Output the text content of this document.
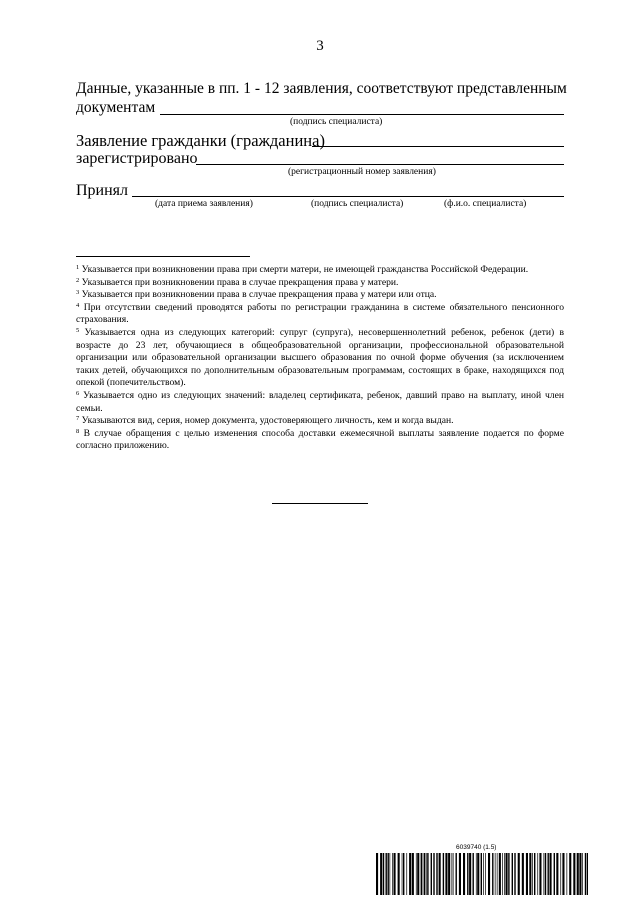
3
Данные, указанные в пп. 1 - 12 заявления, соответствуют представленным
документам
(подпись специалиста)
Заявление гражданки (гражданина)
зарегистрировано
(регистрационный номер заявления)
Принял
(дата приема заявления)	(подпись специалиста)	(ф.и.о. специалиста)

$^1$ Указывается при возникновении права при смерти матери, не имеющей гражданства Российской Федерации.

$^2$ Указывается при возникновении права в случае прекращения права у матери.

$^3$ Указывается при возникновении права в случае прекращения права у матери или отца.

$^4$ При отсутствии сведений проводятся работы по регистрации гражданина в системе обязательного пенсионного страхования.

$^5$ Указывается одна из следующих категорий: супруг (супруга), несовершеннолетний ребенок, ребенок (дети) в возрасте до 23 лет, обучающиеся в общеобразовательной организации, профессиональной образовательной организации или образовательной организации высшего образования по очной форме обучения (за исключением таких детей, обучающихся по дополнительным образовательным программам, состоящих в браке, находящихся под опекой (попечительством).

$^6$ Указывается одно из следующих значений: владелец сертификата, ребенок, давший право на выплату, иной член семьи.

$^7$ Указываются вид, серия, номер документа, удостоверяющего личность, кем и когда выдан.

$^8$ В случае обращения с целью изменения способа доставки ежемесячной выплаты заявление подается по форме согласно приложению.

6039740 (1.5)
